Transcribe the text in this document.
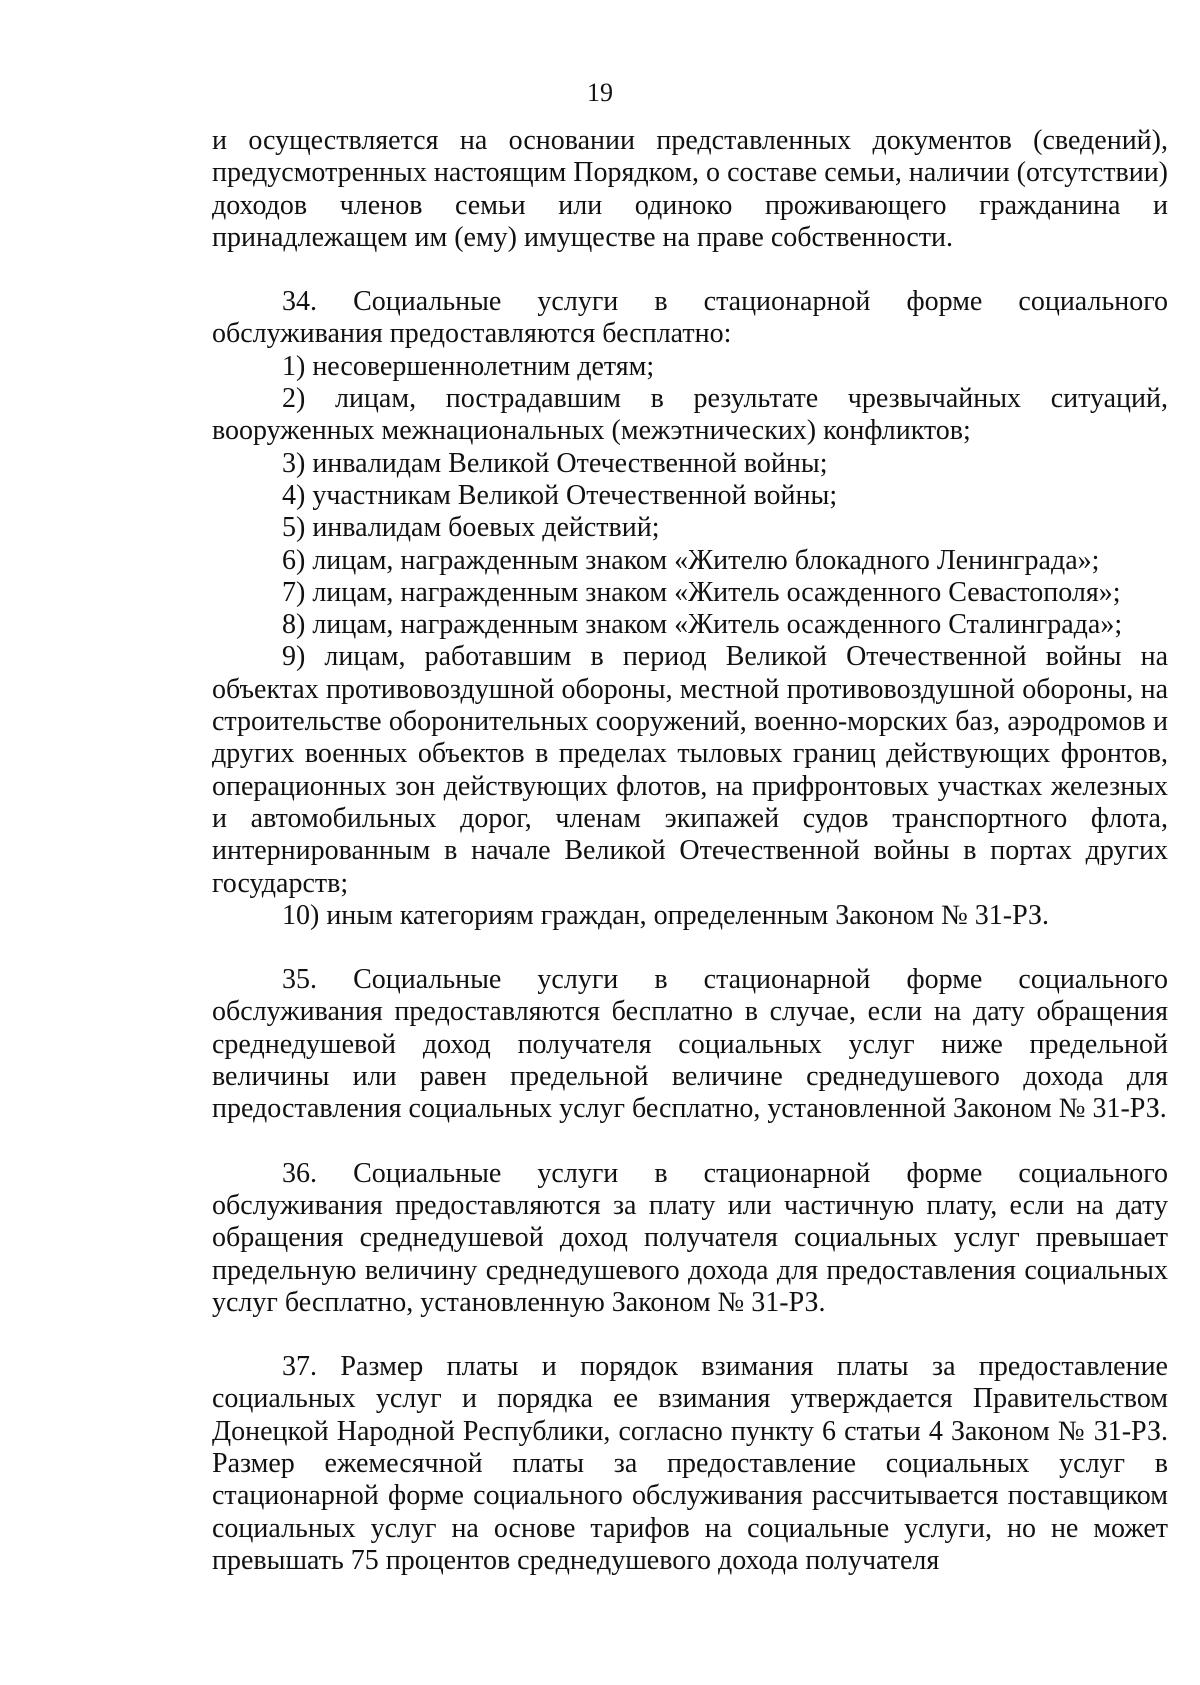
19

и осуществляется на основании представленных документов (сведений), предусмотренных настоящим Порядком, о составе семьи, наличии (отсутствии) доходов членов семьи или одиноко проживающего гражданина и принадлежащем им (ему) имуществе на праве собственности.

34. Социальные услуги в стационарной форме социального обслуживания предоставляются бесплатно:

1) несовершеннолетним детям;

2) лицам, пострадавшим в результате чрезвычайных ситуаций, вооруженных межнациональных (межэтнических) конфликтов;

3) инвалидам Великой Отечественной войны;

4) участникам Великой Отечественной войны;

5) инвалидам боевых действий;

6) лицам, награжденным знаком «Жителю блокадного Ленинграда»;

7) лицам, награжденным знаком «Житель осажденного Севастополя»;

8) лицам, награжденным знаком «Житель осажденного Сталинграда»;

9) лицам, работавшим в период Великой Отечественной войны на объектах противовоздушной обороны, местной противовоздушной обороны, на строительстве оборонительных сооружений, военно-морских баз, аэродромов и других военных объектов в пределах тыловых границ действующих фронтов, операционных зон действующих флотов, на прифронтовых участках железных и автомобильных дорог, членам экипажей судов транспортного флота, интернированным в начале Великой Отечественной войны в портах других государств;

10) иным категориям граждан, определенным Законом № 31-РЗ.

35. Социальные услуги в стационарной форме социального обслуживания предоставляются бесплатно в случае, если на дату обращения среднедушевой доход получателя социальных услуг ниже предельной величины или равен предельной величине среднедушевого дохода для предоставления социальных услуг бесплатно, установленной Законом № 31-РЗ.

36. Социальные услуги в стационарной форме социального обслуживания предоставляются за плату или частичную плату, если на дату обращения среднедушевой доход получателя социальных услуг превышает предельную величину среднедушевого дохода для предоставления социальных услуг бесплатно, установленную Законом № 31-РЗ.

37. Размер платы и порядок взимания платы за предоставление социальных услуг и порядка ее взимания утверждается Правительством Донецкой Народной Республики, согласно пункту 6 статьи 4 Законом № 31-РЗ. Размер ежемесячной платы за предоставление социальных услуг в стационарной форме социального обслуживания рассчитывается поставщиком социальных услуг на основе тарифов на социальные услуги, но не может превышать 75 процентов среднедушевого дохода получателя
